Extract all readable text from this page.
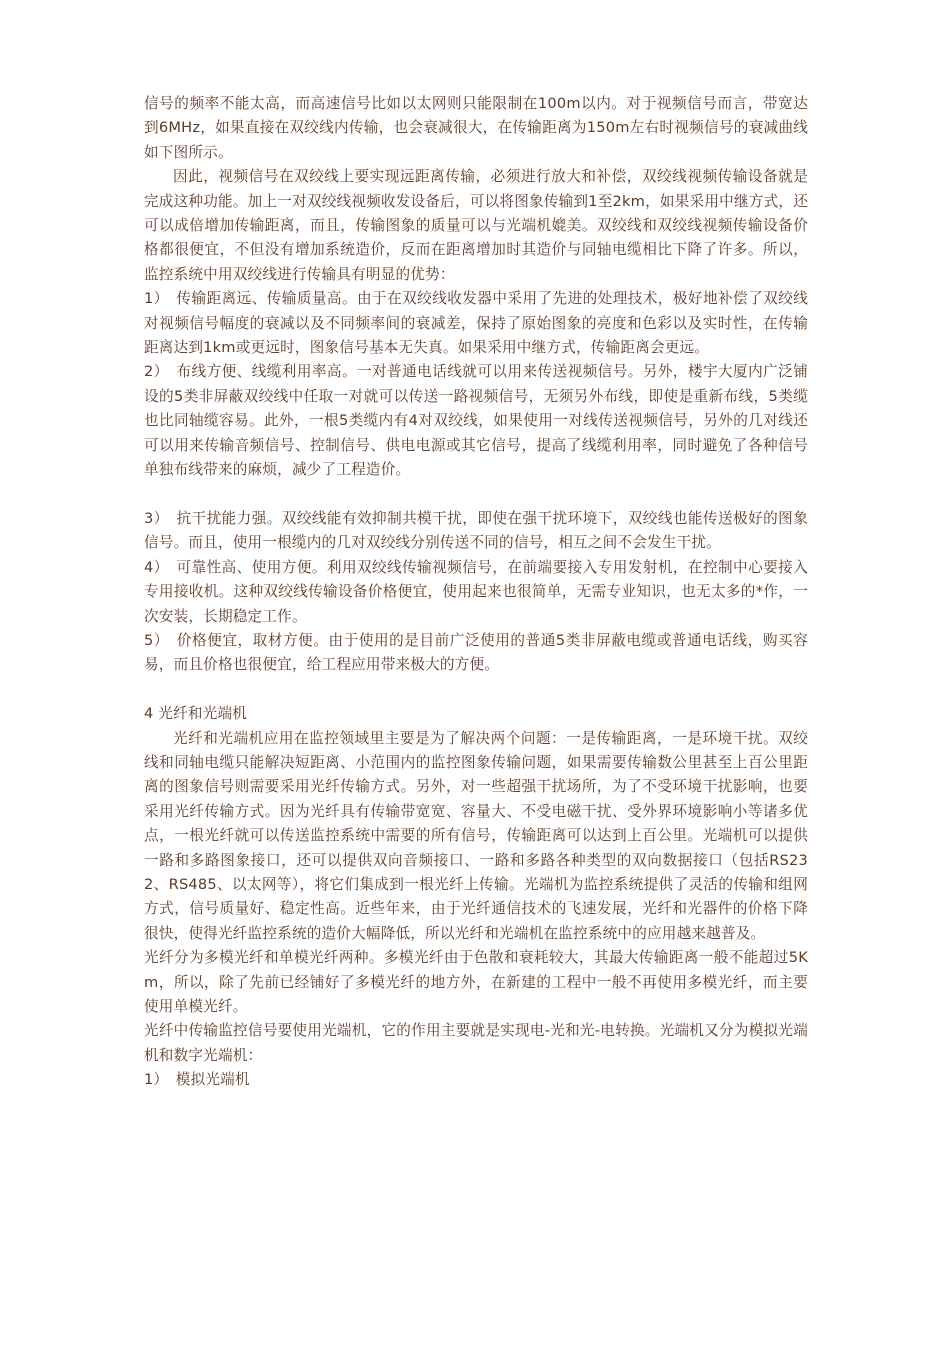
信号的频率不能太高，而高速信号比如以太网则只能限制在100m以内。对于视频信号而言，带宽达到6MHz，如果直接在双绞线内传输，也会衰减很大，在传输距离为150m左右时视频信号的衰减曲线如下图所示。

因此，视频信号在双绞线上要实现远距离传输，必须进行放大和补偿，双绞线视频传输设备就是完成这种功能。加上一对双绞线视频收发设备后，可以将图象传输到1至2km，如果采用中继方式，还可以成倍增加传输距离，而且，传输图象的质量可以与光端机媲美。双绞线和双绞线视频传输设备价格都很便宜，不但没有增加系统造价，反而在距离增加时其造价与同轴电缆相比下降了许多。所以，监控系统中用双绞线进行传输具有明显的优势：

1）　传输距离远、传输质量高。由于在双绞线收发器中采用了先进的处理技术，极好地补偿了双绞线对视频信号幅度的衰减以及不同频率间的衰减差，保持了原始图象的亮度和色彩以及实时性，在传输距离达到1km或更远时，图象信号基本无失真。如果采用中继方式，传输距离会更远。

2）　布线方便、线缆利用率高。一对普通电话线就可以用来传送视频信号。另外，楼宇大厦内广泛铺设的5类非屏蔽双绞线中任取一对就可以传送一路视频信号，无须另外布线，即使是重新布线，5类缆也比同轴缆容易。此外，一根5类缆内有4对双绞线，如果使用一对线传送视频信号，另外的几对线还可以用来传输音频信号、控制信号、供电电源或其它信号，提高了线缆利用率，同时避免了各种信号单独布线带来的麻烦，减少了工程造价。

3）　抗干扰能力强。双绞线能有效抑制共模干扰，即使在强干扰环境下，双绞线也能传送极好的图象信号。而且，使用一根缆内的几对双绞线分别传送不同的信号，相互之间不会发生干扰。

4）　可靠性高、使用方便。利用双绞线传输视频信号，在前端要接入专用发射机，在控制中心要接入专用接收机。这种双绞线传输设备价格便宜，使用起来也很简单，无需专业知识，也无太多的*作，一次安装，长期稳定工作。

5）　价格便宜，取材方便。由于使用的是目前广泛使用的普通5类非屏蔽电缆或普通电话线，购买容易，而且价格也很便宜，给工程应用带来极大的方便。

4 光纤和光端机

光纤和光端机应用在监控领域里主要是为了解决两个问题：一是传输距离，一是环境干扰。双绞线和同轴电缆只能解决短距离、小范围内的监控图象传输问题，如果需要传输数公里甚至上百公里距离的图象信号则需要采用光纤传输方式。另外，对一些超强干扰场所，为了不受环境干扰影响，也要采用光纤传输方式。因为光纤具有传输带宽宽、容量大、不受电磁干扰、受外界环境影响小等诸多优点，一根光纤就可以传送监控系统中需要的所有信号，传输距离可以达到上百公里。光端机可以提供一路和多路图象接口，还可以提供双向音频接口、一路和多路各种类型的双向数据接口（包括RS232、RS485、以太网等），将它们集成到一根光纤上传输。光端机为监控系统提供了灵活的传输和组网方式，信号质量好、稳定性高。近些年来，由于光纤通信技术的飞速发展，光纤和光器件的价格下降很快，使得光纤监控系统的造价大幅降低，所以光纤和光端机在监控系统中的应用越来越普及。

光纤分为多模光纤和单模光纤两种。多模光纤由于色散和衰耗较大，其最大传输距离一般不能超过5Km，所以，除了先前已经铺好了多模光纤的地方外，在新建的工程中一般不再使用多模光纤，而主要使用单模光纤。

光纤中传输监控信号要使用光端机，它的作用主要就是实现电-光和光-电转换。光端机又分为模拟光端机和数字光端机：

1）　模拟光端机
